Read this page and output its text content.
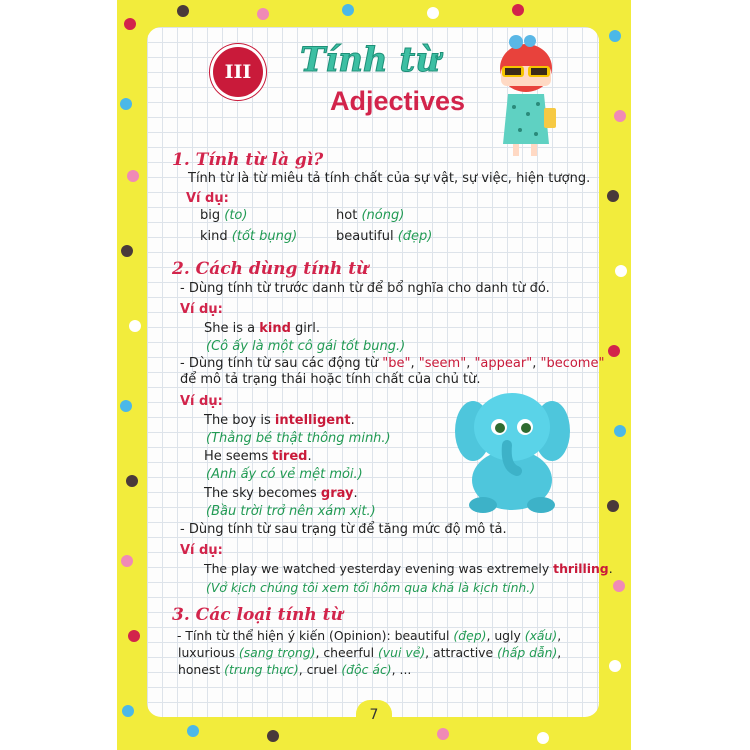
III	Tính từ
Adjectives
1. Tính từ là gì?
Tính từ là từ miêu tả tính chất của sự vật, sự việc, hiện tượng.
Ví dụ:
big (to)	hot (nóng)
kind (tốt bụng)	beautiful (đẹp)
2. Cách dùng tính từ
- Dùng tính từ trước danh từ để bổ nghĩa cho danh từ đó.
Ví dụ:
She is a kind girl.
(Cô ấy là một cô gái tốt bụng.)
- Dùng tính từ sau các động từ "be", "seem", "appear", "become"
để mô tả trạng thái hoặc tính chất của chủ từ.
Ví dụ:
The boy is intelligent.
(Thằng bé thật thông minh.)
He seems tired.
(Anh ấy có vẻ mệt mỏi.)
The sky becomes gray.
(Bầu trời trở nên xám xịt.)
- Dùng tính từ sau trạng từ để tăng mức độ mô tả.
Ví dụ:
The play we watched yesterday evening was extremely thrilling.
(Vở kịch chúng tôi xem tối hôm qua khá là kịch tính.)
3. Các loại tính từ
- Tính từ thể hiện ý kiến (Opinion): beautiful (đẹp), ugly (xấu),
luxurious (sang trọng), cheerful (vui vẻ), attractive (hấp dẫn),
honest (trung thực), cruel (độc ác), ...
7
